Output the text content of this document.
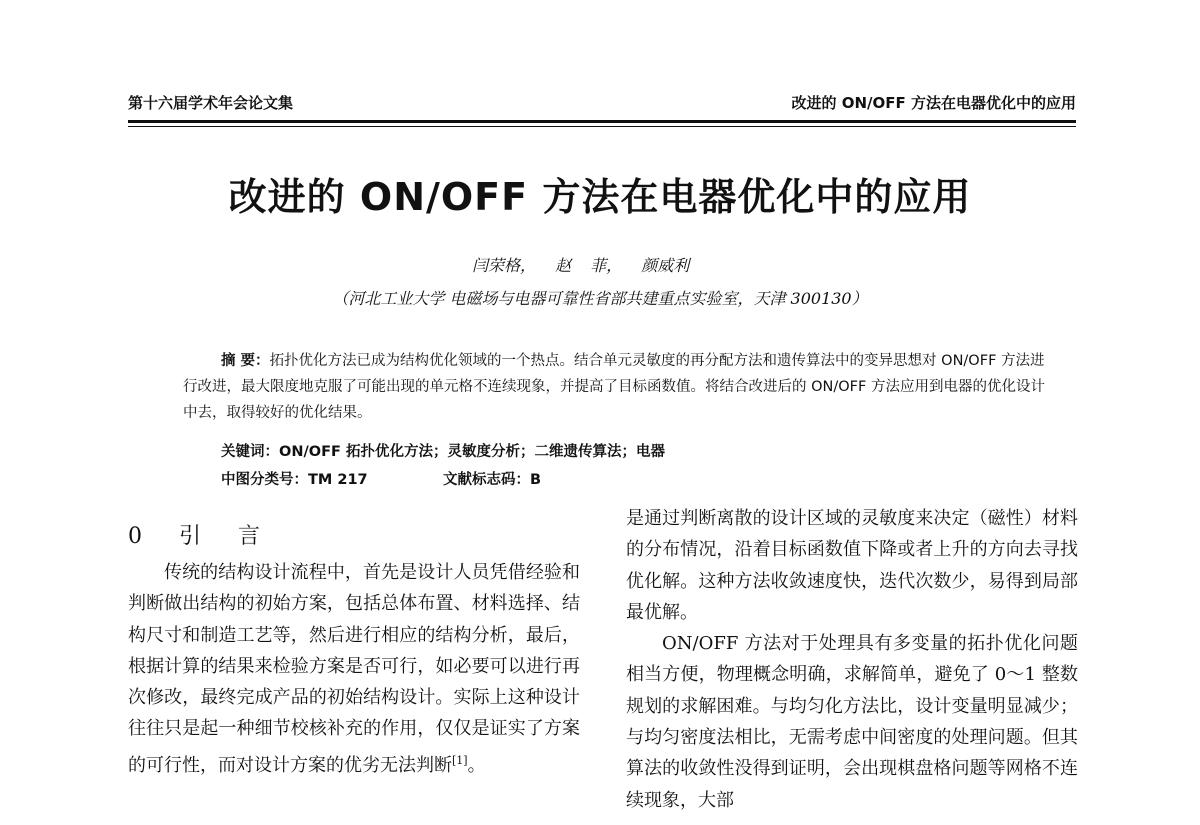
第十六届学术年会论文集	改进的 ON/OFF 方法在电器优化中的应用
改进的 ON/OFF 方法在电器优化中的应用
闫荣格， 赵 菲， 颜威利
（河北工业大学 电磁场与电器可靠性省部共建重点实验室，天津 300130）

摘 要：拓扑优化方法已成为结构优化领域的一个热点。结合单元灵敏度的再分配方法和遗传算法中的变异思想对 ON/OFF 方法进行改进，最大限度地克服了可能出现的单元格不连续现象，并提高了目标函数值。将结合改进后的 ON/OFF 方法应用到电器的优化设计中去，取得较好的优化结果。

关键词：ON/OFF 拓扑优化方法；灵敏度分析；二维遗传算法；电器
中图分类号：TM 217	文献标志码：B
0 引 言

传统的结构设计流程中，首先是设计人员凭借经验和判断做出结构的初始方案，包括总体布置、材料选择、结构尺寸和制造工艺等，然后进行相应的结构分析，最后，根据计算的结果来检验方案是否可行，如必要可以进行再次修改，最终完成产品的初始结构设计。实际上这种设计往往只是起一种细节校核补充的作用，仅仅是证实了方案的可行性，而对设计方案的优劣无法判断[1]。

是通过判断离散的设计区域的灵敏度来决定（磁性）材料的分布情况，沿着目标函数值下降或者上升的方向去寻找优化解。这种方法收敛速度快，迭代次数少，易得到局部最优解。

ON/OFF 方法对于处理具有多变量的拓扑优化问题相当方便，物理概念明确，求解简单，避免了 0～1 整数规划的求解困难。与均匀化方法比，设计变量明显减少；与均匀密度法相比，无需考虑中间密度的处理问题。但其算法的收敛性没得到证明，会出现棋盘格问题等网格不连续现象，大部
